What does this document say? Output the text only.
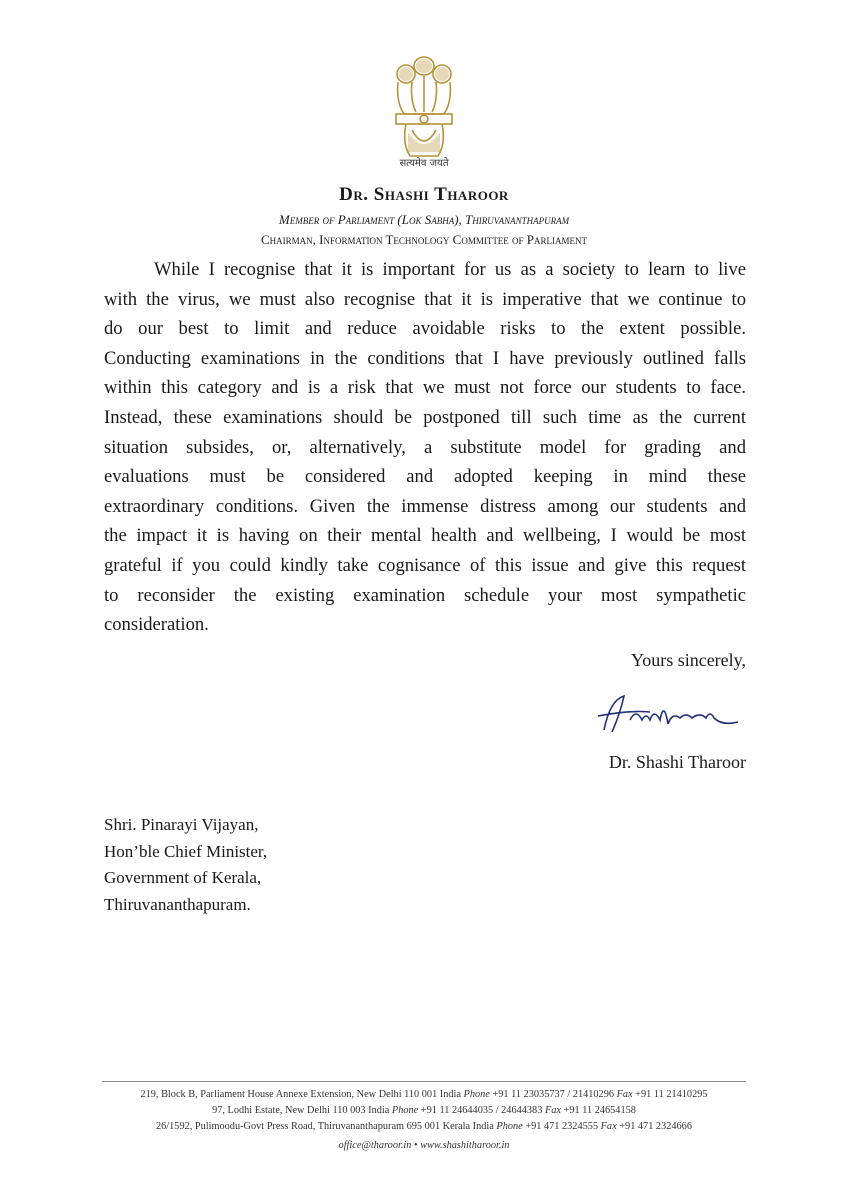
सत्यमेव जयते
Dr. Shashi Tharoor
Member of Parliament (Lok Sabha), Thiruvananthapuram
Chairman, Information Technology Committee of Parliament
While I recognise that it is important for us as a society to learn to live
with the virus, we must also recognise that it is imperative that we continue to
do our best to limit and reduce avoidable risks to the extent possible.
Conducting examinations in the conditions that I have previously outlined falls
within this category and is a risk that we must not force our students to face.
Instead, these examinations should be postponed till such time as the current
situation subsides, or, alternatively, a substitute model for grading and
evaluations must be considered and adopted keeping in mind these
extraordinary conditions. Given the immense distress among our students and
the impact it is having on their mental health and wellbeing, I would be most
grateful if you could kindly take cognisance of this issue and give this request
to reconsider the existing examination schedule your most sympathetic
consideration.
Yours sincerely,
Dr. Shashi Tharoor
Shri. Pinarayi Vijayan,
Hon’ble Chief Minister,
Government of Kerala,
Thiruvananthapuram.
219, Block B, Parliament House Annexe Extension, New Delhi 110 001 India Phone +91 11 23035737 / 21410296 Fax +91 11 21410295
97, Lodhi Estate, New Delhi 110 003 India Phone +91 11 24644035 / 24644383 Fax +91 11 24654158
26/1592, Pulimoodu-Govt Press Road, Thiruvananthapuram 695 001 Kerala India Phone +91 471 2324555 Fax +91 471 2324666
office@tharoor.in • www.shashitharoor.in
